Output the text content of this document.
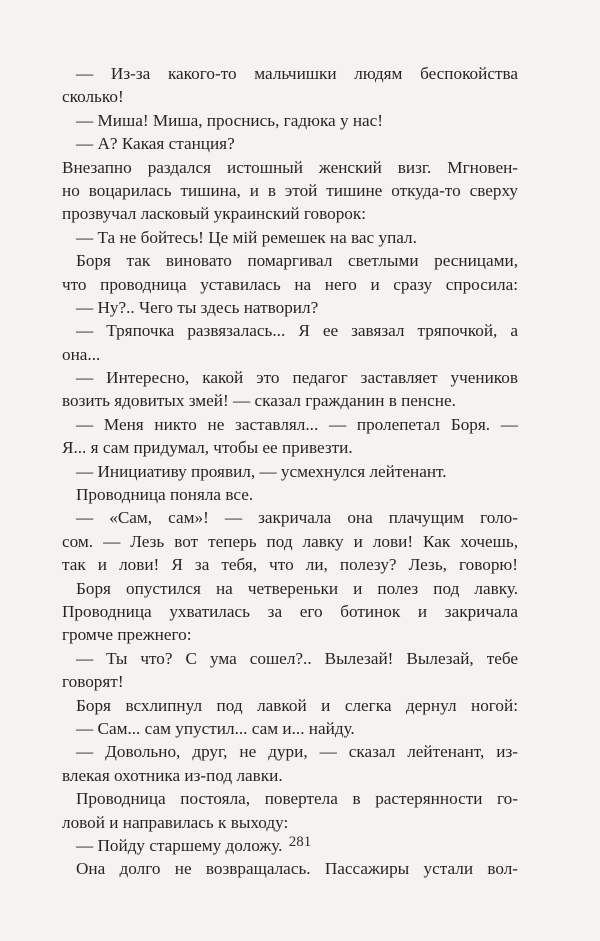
— Из-за какого-то мальчишки людям беспокойства
сколько!
— Миша! Миша, проснись, гадюка у нас!
— А? Какая станция?
Внезапно раздался истошный женский визг. Мгновен-
но воцарилась тишина, и в этой тишине откуда-то сверху
прозвучал ласковый украинский говорок:
— Та не бойтесь! Це мій ремешек на вас упал.
Боря так виновато помаргивал светлыми ресницами,
что проводница уставилась на него и сразу спросила:
— Ну?.. Чего ты здесь натворил?
— Тряпочка развязалась... Я ее завязал тряпочкой, а
она...
— Интересно, какой это педагог заставляет учеников
возить ядовитых змей! — сказал гражданин в пенсне.
— Меня никто не заставлял... — пролепетал Боря. —
Я... я сам придумал, чтобы ее привезти.
— Инициативу проявил, — усмехнулся лейтенант.
Проводница поняла все.
— «Сам, сам»! — закричала она плачущим голо-
сом. — Лезь вот теперь под лавку и лови! Как хочешь,
так и лови! Я за тебя, что ли, полезу? Лезь, говорю!
Боря опустился на четвереньки и полез под лавку.
Проводница ухватилась за его ботинок и закричала
громче прежнего:
— Ты что? С ума сошел?.. Вылезай! Вылезай, тебе
говорят!
Боря всхлипнул под лавкой и слегка дернул ногой:
— Сам... сам упустил... сам и... найду.
— Довольно, друг, не дури, — сказал лейтенант, из-
влекая охотника из-под лавки.
Проводница постояла, повертела в растерянности го-
ловой и направилась к выходу:
— Пойду старшему доложу.
Она долго не возвращалась. Пассажиры устали вол-
281
